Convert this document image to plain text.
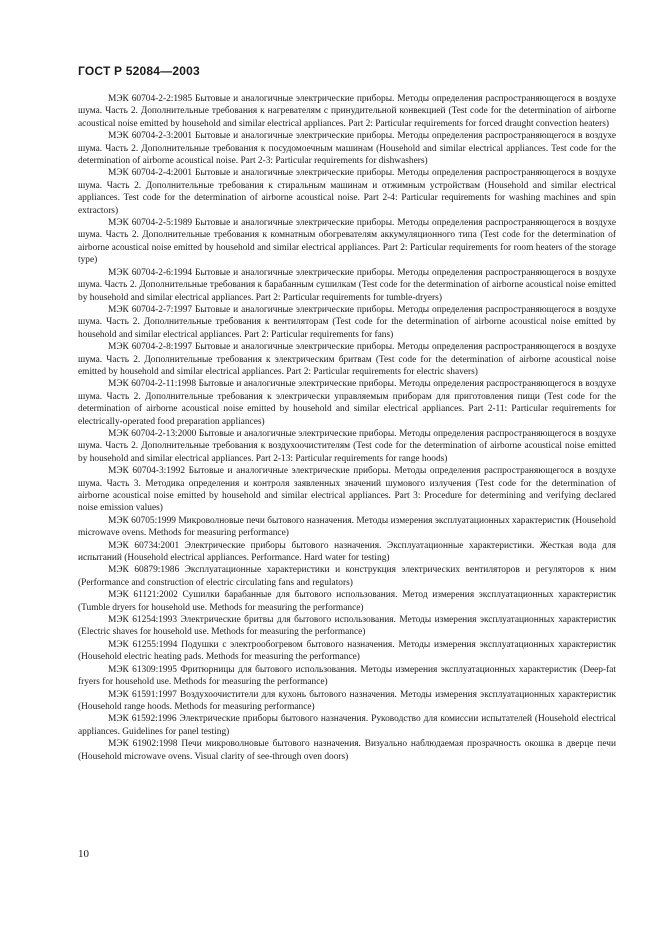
ГОСТ Р 52084—2003

МЭК 60704-2-2:1985 Бытовые и аналогичные электрические приборы. Методы определения распространяющегося в воздухе шума. Часть 2. Дополнительные требования к нагревателям с принудительной конвекцией (Test code for the determination of airborne acoustical noise emitted by household and similar electrical appliances. Part 2: Particular requirements for forced draught convection heaters)

МЭК 60704-2-3:2001 Бытовые и аналогичные электрические приборы. Методы определения распространяющегося в воздухе шума. Часть 2. Дополнительные требования к посудомоечным машинам (Household and similar electrical appliances. Test code for the determination of airborne acoustical noise. Part 2-3: Particular requirements for dishwashers)

МЭК 60704-2-4:2001 Бытовые и аналогичные электрические приборы. Методы определения распространяющегося в воздухе шума. Часть 2. Дополнительные требования к стиральным машинам и отжимным устройствам (Household and similar electrical appliances. Test code for the determination of airborne acoustical noise. Part 2-4: Particular requirements for washing machines and spin extractors)

МЭК 60704-2-5:1989 Бытовые и аналогичные электрические приборы. Методы определения распространяющегося в воздухе шума. Часть 2. Дополнительные требования к комнатным обогревателям аккумуляционного типа (Test code for the determination of airborne acoustical noise emitted by household and similar electrical appliances. Part 2: Particular requirements for room heaters of the storage type)

МЭК 60704-2-6:1994 Бытовые и аналогичные электрические приборы. Методы определения распространяющегося в воздухе шума. Часть 2. Дополнительные требования к барабанным сушилкам (Test code for the determination of airborne acoustical noise emitted by household and similar electrical appliances. Part 2: Particular requirements for tumble-dryers)

МЭК 60704-2-7:1997 Бытовые и аналогичные электрические приборы. Методы определения распространяющегося в воздухе шума. Часть 2. Дополнительные требования к вентиляторам (Test code for the determination of airborne acoustical noise emitted by household and similar electrical appliances. Part 2: Particular requirements for fans)

МЭК 60704-2-8:1997 Бытовые и аналогичные электрические приборы. Методы определения распространяющегося в воздухе шума. Часть 2. Дополнительные требования к электрическим бритвам (Test code for the determination of airborne acoustical noise emitted by household and similar electrical appliances. Part 2: Particular requirements for electric shavers)

МЭК 60704-2-11:1998 Бытовые и аналогичные электрические приборы. Методы определения распространяющегося в воздухе шума. Часть 2. Дополнительные требования к электрически управляемым приборам для приготовления пищи (Test code for the determination of airborne acoustical noise emitted by household and similar electrical appliances. Part 2-11: Particular requirements for electrically-operated food preparation appliances)

МЭК 60704-2-13:2000 Бытовые и аналогичные электрические приборы. Методы определения распространяющегося в воздухе шума. Часть 2. Дополнительные требования к воздухоочистителям (Test code for the determination of airborne acoustical noise emitted by household and similar electrical appliances. Part 2-13: Particular requirements for range hoods)

МЭК 60704-3:1992 Бытовые и аналогичные электрические приборы. Методы определения распространяющегося в воздухе шума. Часть 3. Методика определения и контроля заявленных значений шумового излучения (Test code for the determination of airborne acoustical noise emitted by household and similar electrical appliances. Part 3: Procedure for determining and verifying declared noise emission values)

МЭК 60705:1999 Микроволновые печи бытового назначения. Методы измерения эксплуатационных характеристик (Household microwave ovens. Methods for measuring performance)

МЭК 60734:2001 Электрические приборы бытового назначения. Эксплуатационные характеристики. Жесткая вода для испытаний (Household electrical appliances. Performance. Hard water for testing)

МЭК 60879:1986 Эксплуатационные характеристики и конструкция электрических вентиляторов и регуляторов к ним (Performance and construction of electric circulating fans and regulators)

МЭК 61121:2002 Сушилки барабанные для бытового использования. Метод измерения эксплуатационных характеристик (Tumble dryers for household use. Methods for measuring the performance)

МЭК 61254:1993 Электрические бритвы для бытового использования. Методы измерения эксплуатационных характеристик (Electric shaves for household use. Methods for measuring the performance)

МЭК 61255:1994 Подушки с электрообогревом бытового назначения. Методы измерения эксплуатационных характеристик (Household electric heating pads. Methods for measuring the performance)

МЭК 61309:1995 Фритюрницы для бытового использования. Методы измерения эксплуатационных характеристик (Deep-fat fryers for household use. Methods for measuring the performance)

МЭК 61591:1997 Воздухоочистители для кухонь бытового назначения. Методы измерения эксплуатационных характеристик (Household range hoods. Methods for measuring performance)

МЭК 61592:1996 Электрические приборы бытового назначения. Руководство для комиссии испытателей (Household electrical appliances. Guidelines for panel testing)

МЭК 61902:1998 Печи микроволновые бытового назначения. Визуально наблюдаемая прозрачность окошка в дверце печи (Household microwave ovens. Visual clarity of see-through oven doors)

10
